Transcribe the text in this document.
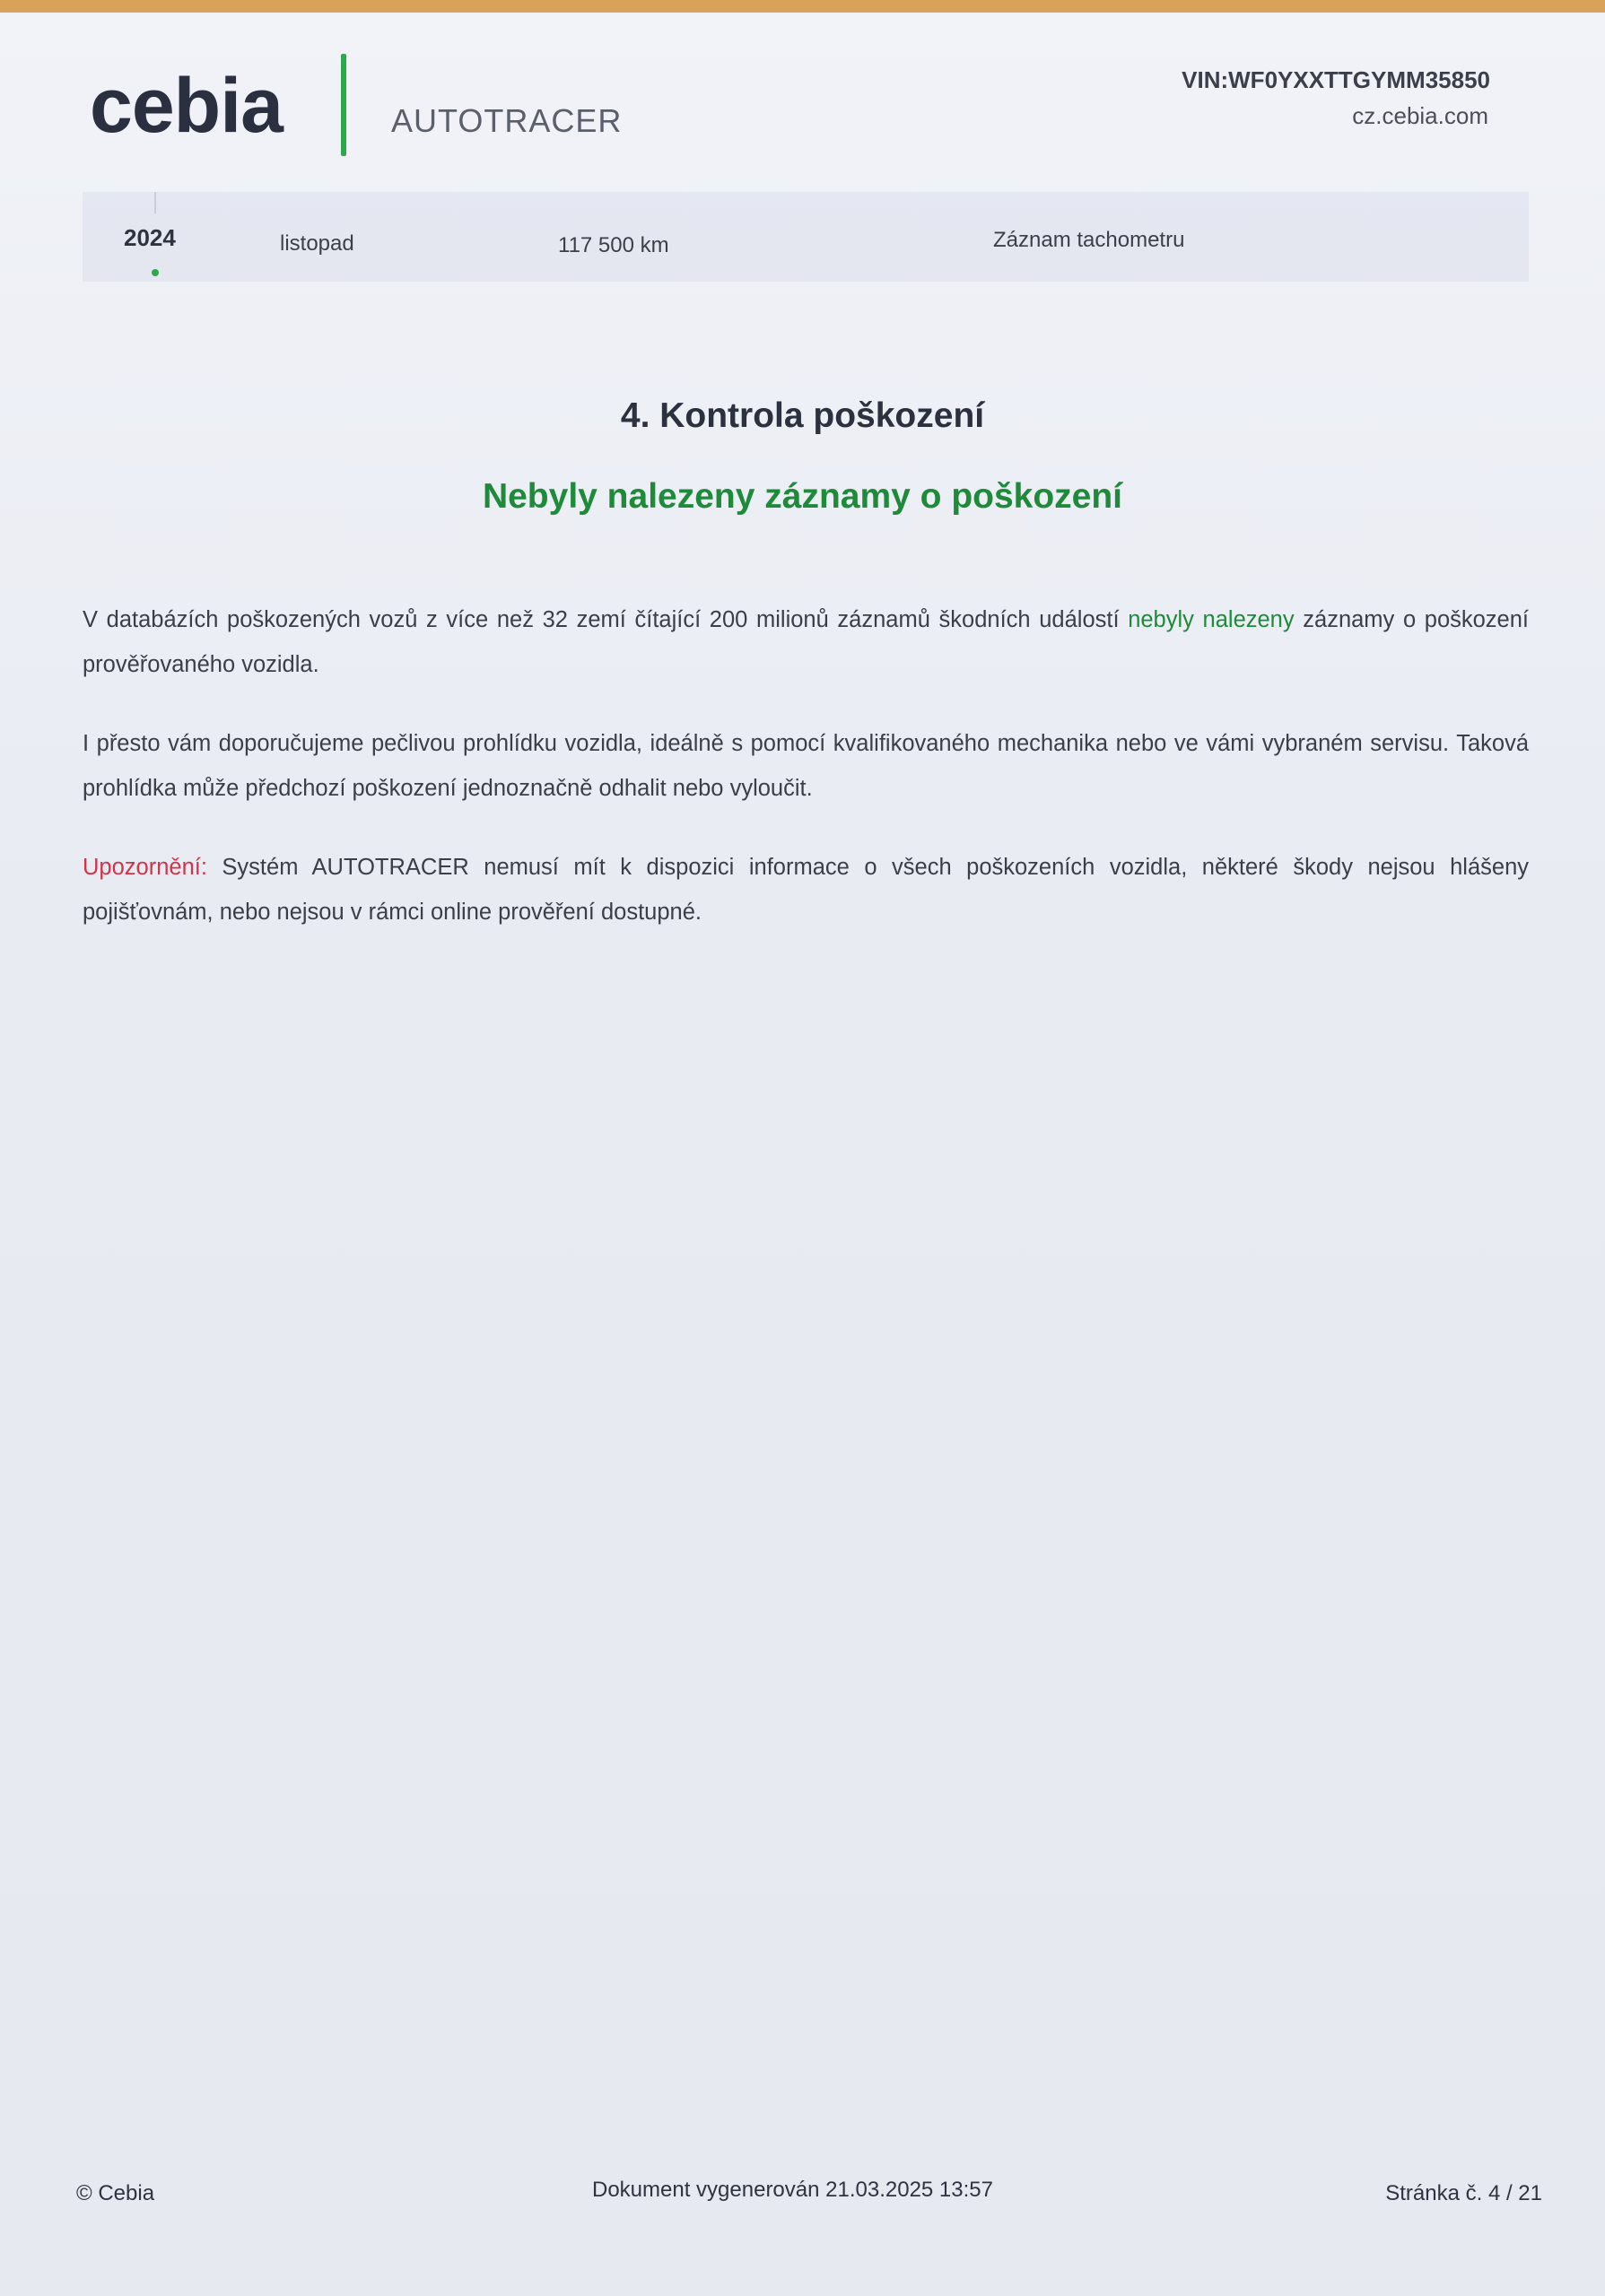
cebia	AUTOTRACER
VIN:WF0YXXTTGYMM35850
cz.cebia.com
2024	listopad	117 500 km	Záznam tachometru
4. Kontrola poškození
Nebyly nalezeny záznamy o poškození
V databázích poškozených vozů z více než 32 zemí čítající 200 milionů záznamů škodních událostí nebyly nalezeny záznamy o poškození prověřovaného vozidla.
I přesto vám doporučujeme pečlivou prohlídku vozidla, ideálně s pomocí kvalifikovaného mechanika nebo ve vámi vybraném servisu. Taková prohlídka může předchozí poškození jednoznačně odhalit nebo vyloučit.
Upozornění: Systém AUTOTRACER nemusí mít k dispozici informace o všech poškozeních vozidla, některé škody nejsou hlášeny pojišťovnám, nebo nejsou v rámci online prověření dostupné.
© Cebia	Dokument vygenerován 21.03.2025 13:57	Stránka č. 4 / 21
